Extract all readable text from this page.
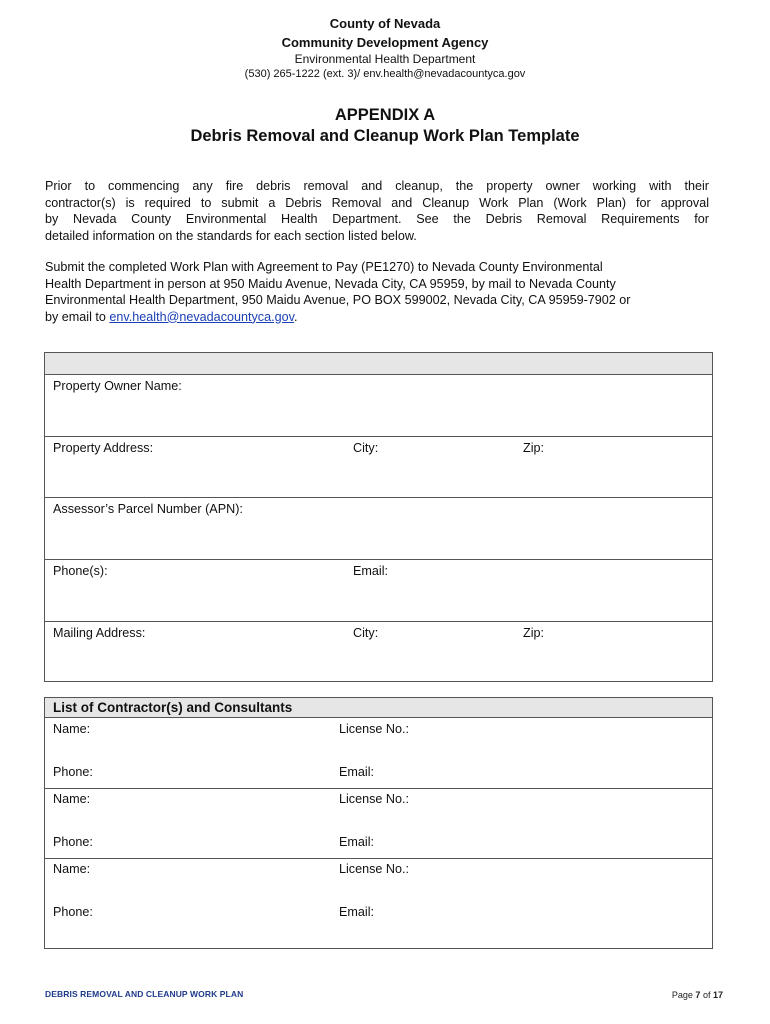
County of Nevada
Community Development Agency
Environmental Health Department
(530) 265-1222 (ext. 3)/ env.health@nevadacountyca.gov
APPENDIX A
Debris Removal and Cleanup Work Plan Template
Prior to commencing any fire debris removal and cleanup, the property owner working with their
contractor(s) is required to submit a Debris Removal and Cleanup Work Plan (Work Plan) for approval
by Nevada County Environmental Health Department. See the Debris Removal Requirements for
detailed information on the standards for each section listed below.
Submit the completed Work Plan with Agreement to Pay (PE1270) to Nevada County Environmental
Health Department in person at 950 Maidu Avenue, Nevada City, CA 95959, by mail to Nevada County
Environmental Health Department, 950 Maidu Avenue, PO BOX 599002, Nevada City, CA 95959-7902 or
by email to env.health@nevadacountyca.gov.
Property Owner Name:
Property Address:	City:	Zip:
Assessor’s Parcel Number (APN):
Phone(s):	Email:
Mailing Address:	City:	Zip:
List of Contractor(s) and Consultants
Name:	License No.:
Phone:	Email:
Name:	License No.:
Phone:	Email:
Name:	License No.:
Phone:	Email:
DEBRIS REMOVAL AND CLEANUP WORK PLAN	Page 7 of 17
